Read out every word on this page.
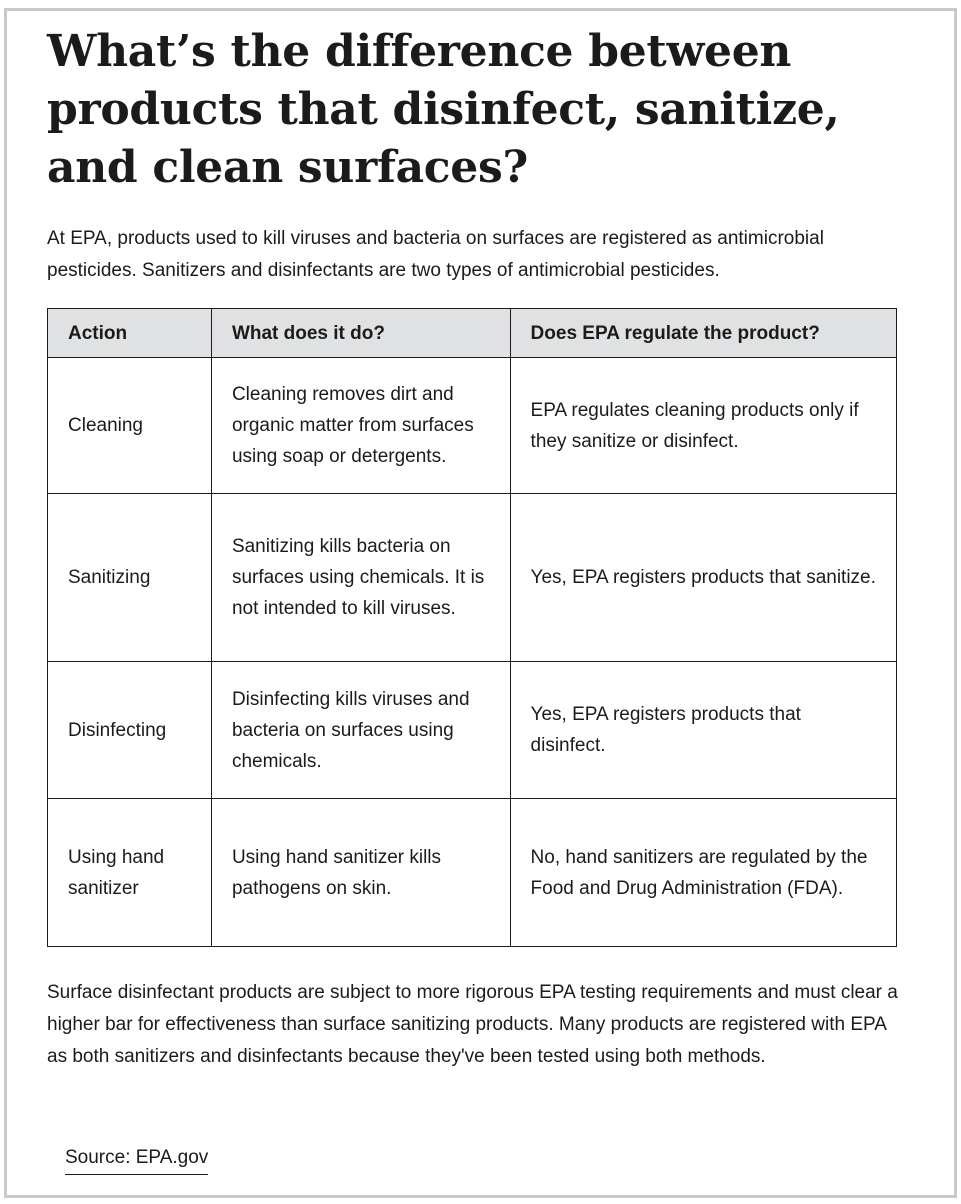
What’s the difference between products that disinfect, sanitize, and clean surfaces?

At EPA, products used to kill viruses and bacteria on surfaces are registered as antimicrobial pesticides. Sanitizers and disinfectants are two types of antimicrobial pesticides.

Action	What does it do?	Does EPA regulate the product?
Cleaning	Cleaning removes dirt and organic matter from surfaces using soap or detergents.	EPA regulates cleaning products only if they sanitize or disinfect.
Sanitizing	Sanitizing kills bacteria on surfaces using chemicals. It is not intended to kill viruses.	Yes, EPA registers products that sanitize.
Disinfecting	Disinfecting kills viruses and bacteria on surfaces using chemicals.	Yes, EPA registers products that disinfect.
Using hand sanitizer	Using hand sanitizer kills pathogens on skin.	No, hand sanitizers are regulated by the Food and Drug Administration (FDA).

Surface disinfectant products are subject to more rigorous EPA testing requirements and must clear a higher bar for effectiveness than surface sanitizing products. Many products are registered with EPA as both sanitizers and disinfectants because they've been tested using both methods.

Source: EPA.gov
